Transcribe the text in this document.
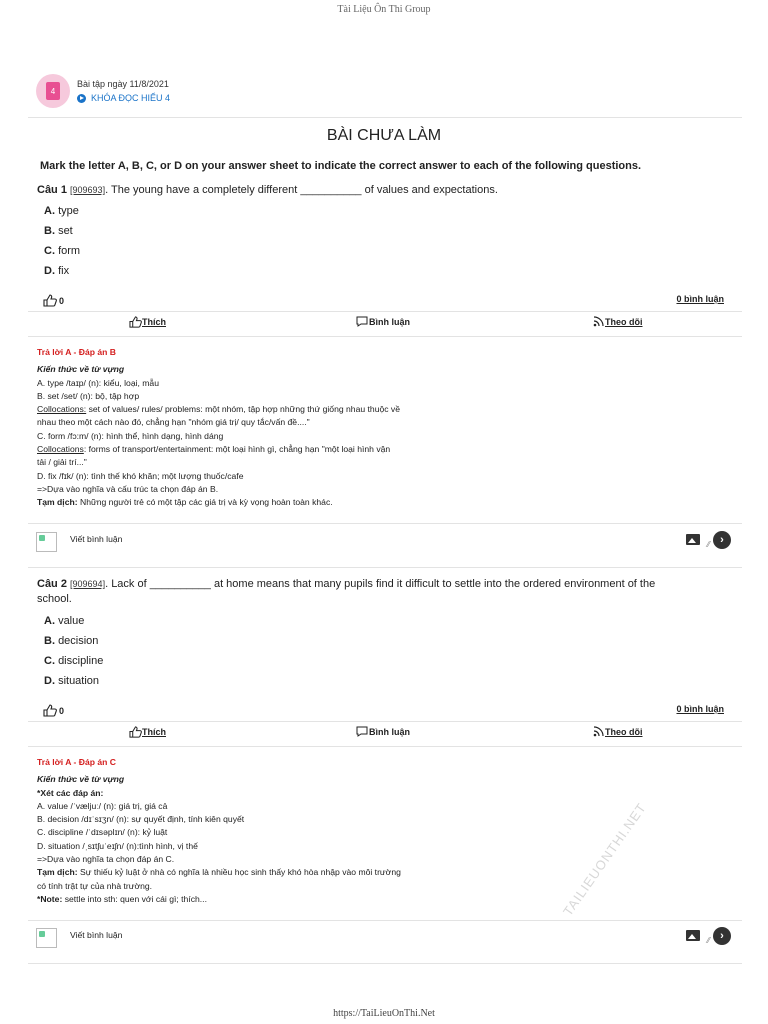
Tài Liệu Ôn Thi Group
4
Bài tập ngày 11/8/2021
KHÓA ĐỌC HIỂU 4
BÀI CHƯA LÀM
Mark the letter A, B, C, or D on your answer sheet to indicate the correct answer to each of the following questions.
Câu 1 [909693]. The young have a completely different __________ of values and expectations.
A. type
B. set
C. form
D. fix
0	0 bình luận
Thích	Bình luận	Theo dõi
Trả lời A - Đáp án B
Kiến thức về từ vựng
A. type /taɪp/ (n): kiểu, loại, mẫu
B. set /set/ (n): bộ, tập hợp
Collocations: set of values/ rules/ problems: một nhóm, tập hợp những thứ giống nhau thuộc về
nhau theo một cách nào đó, chẳng hạn "nhóm giá trị/ quy tắc/vấn đề...."
C. form /fɔ:m/ (n): hình thể, hình dạng, hình dáng
Collocations: forms of transport/entertainment: một loại hình gì, chẳng hạn "một loại hình vận
tải / giải trí..."
D. fix /fɪk/ (n): tình thế khó khăn; một lượng thuốc/cafe
=>Dựa vào nghĩa và cấu trúc ta chọn đáp án B.
Tạm dịch: Những người trẻ có một tập các giá trị và kỳ vọng hoàn toàn khác.
Viết bình luận
⁄⁄ ›
Câu 2 [909694]. Lack of __________ at home means that many pupils find it difficult to settle into the ordered environment of the
school.
A. value
B. decision
C. discipline
D. situation
0	0 bình luận
Thích	Bình luận	Theo dõi
Trả lời A - Đáp án C
Kiến thức về từ vựng
*Xét các đáp án:
A. value /ˈvæljuː/ (n): giá trị, giá cả
B. decision /dɪˈsɪʒn/ (n): sự quyết định, tính kiên quyết
C. discipline /ˈdɪsəplɪn/ (n): kỷ luật
D. situation /ˌsɪtʃuˈeɪʃn/ (n):tình hình, vị thế
=>Dựa vào nghĩa ta chọn đáp án C.
Tạm dịch: Sự thiếu kỷ luật ở nhà có nghĩa là nhiều học sinh thấy khó hòa nhập vào môi trường
có tính trật tự của nhà trường.
*Note: settle into sth: quen với cái gì; thích...
Viết bình luận
⁄⁄ ›
TAILIEUONTHI.NET
https://TaiLieuOnThi.Net
